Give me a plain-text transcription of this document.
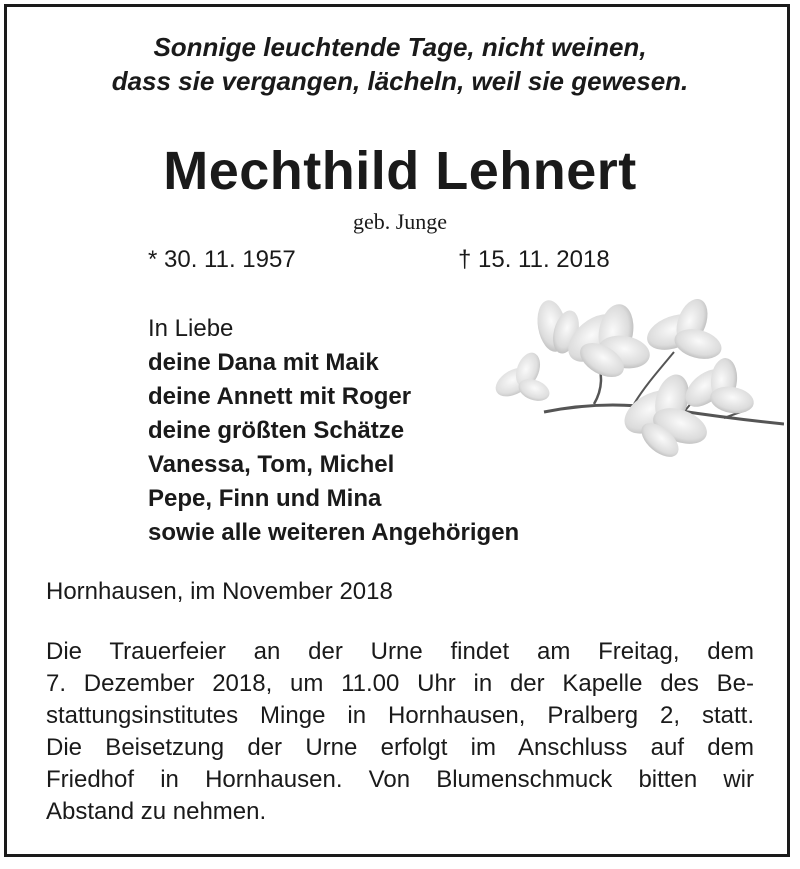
Sonnige leuchtende Tage, nicht weinen,
dass sie vergangen, lächeln, weil sie gewesen.
Mechthild Lehnert
geb. Junge
* 30. 11. 1957	† 15. 11. 2018
In Liebe
deine Dana mit Maik
deine Annett mit Roger
deine größten Schätze
Vanessa, Tom, Michel
Pepe, Finn und Mina
sowie alle weiteren Angehörigen
Hornhausen, im November 2018
Die Trauerfeier an der Urne findet am Freitag, dem
7. Dezember 2018, um 11.00 Uhr in der Kapelle des Be-
stattungsinstitutes Minge in Hornhausen, Pralberg 2, statt.
Die Beisetzung der Urne erfolgt im Anschluss auf dem
Friedhof in Hornhausen. Von Blumenschmuck bitten wir
Abstand zu nehmen.
